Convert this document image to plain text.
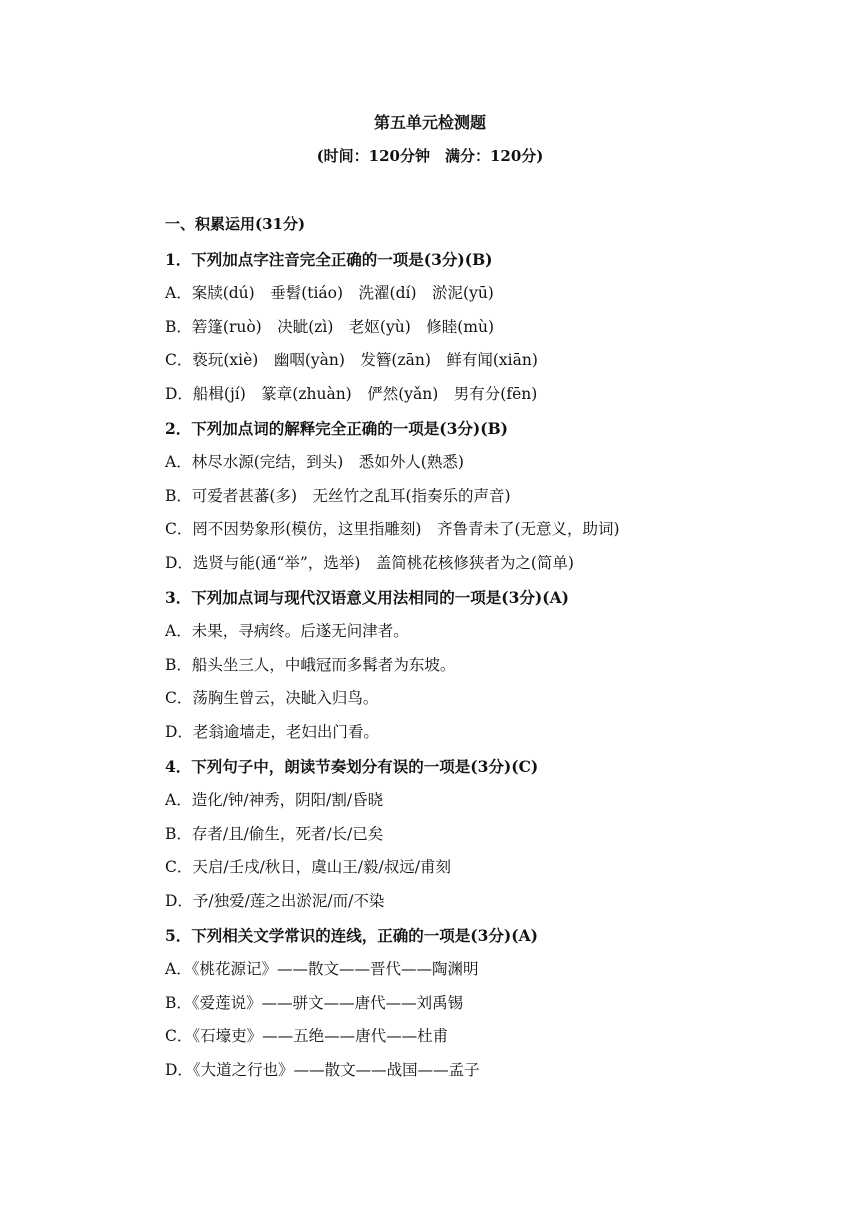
第五单元检测题
(时间：120分钟　满分：120分)
一、积累运用(31分)
1．下列加点字注音完全正确的一项是(3分)(B)
A．案牍(dú)　垂髫(tiáo)　洗濯(dí)　淤泥(yū)
B．箬篷(ruò)　决眦(zì)　老妪(yù)　修睦(mù)
C．亵玩(xiè)　幽咽(yàn)　发簪(zān)　鲜有闻(xiān)
D．船楫(jí)　篆章(zhuàn)　俨然(yǎn)　男有分(fēn)
2．下列加点词的解释完全正确的一项是(3分)(B)
A．林尽水源(完结，到头)　悉如外人(熟悉)
B．可爱者甚蕃(多)　无丝竹之乱耳(指奏乐的声音)
C．罔不因势象形(模仿，这里指雕刻)　齐鲁青未了(无意义，助词)
D．选贤与能(通“举”，选举)　盖简桃花核修狭者为之(简单)
3．下列加点词与现代汉语意义用法相同的一项是(3分)(A)
A．未果，寻病终。后遂无问津者。
B．船头坐三人，中峨冠而多髯者为东坡。
C．荡胸生曾云，决眦入归鸟。
D．老翁逾墙走，老妇出门看。
4．下列句子中，朗读节奏划分有误的一项是(3分)(C)
A．造化/钟/神秀，阴阳/割/昏晓
B．存者/且/偷生，死者/长/已矣
C．天启/壬戌/秋日，虞山王/毅/叔远/甫刻
D．予/独爱/莲之出淤泥/而/不染
5．下列相关文学常识的连线，正确的一项是(3分)(A)
A．《桃花源记》——散文——晋代——陶渊明
B．《爱莲说》——骈文——唐代——刘禹锡
C．《石壕吏》——五绝——唐代——杜甫
D．《大道之行也》——散文——战国——孟子
